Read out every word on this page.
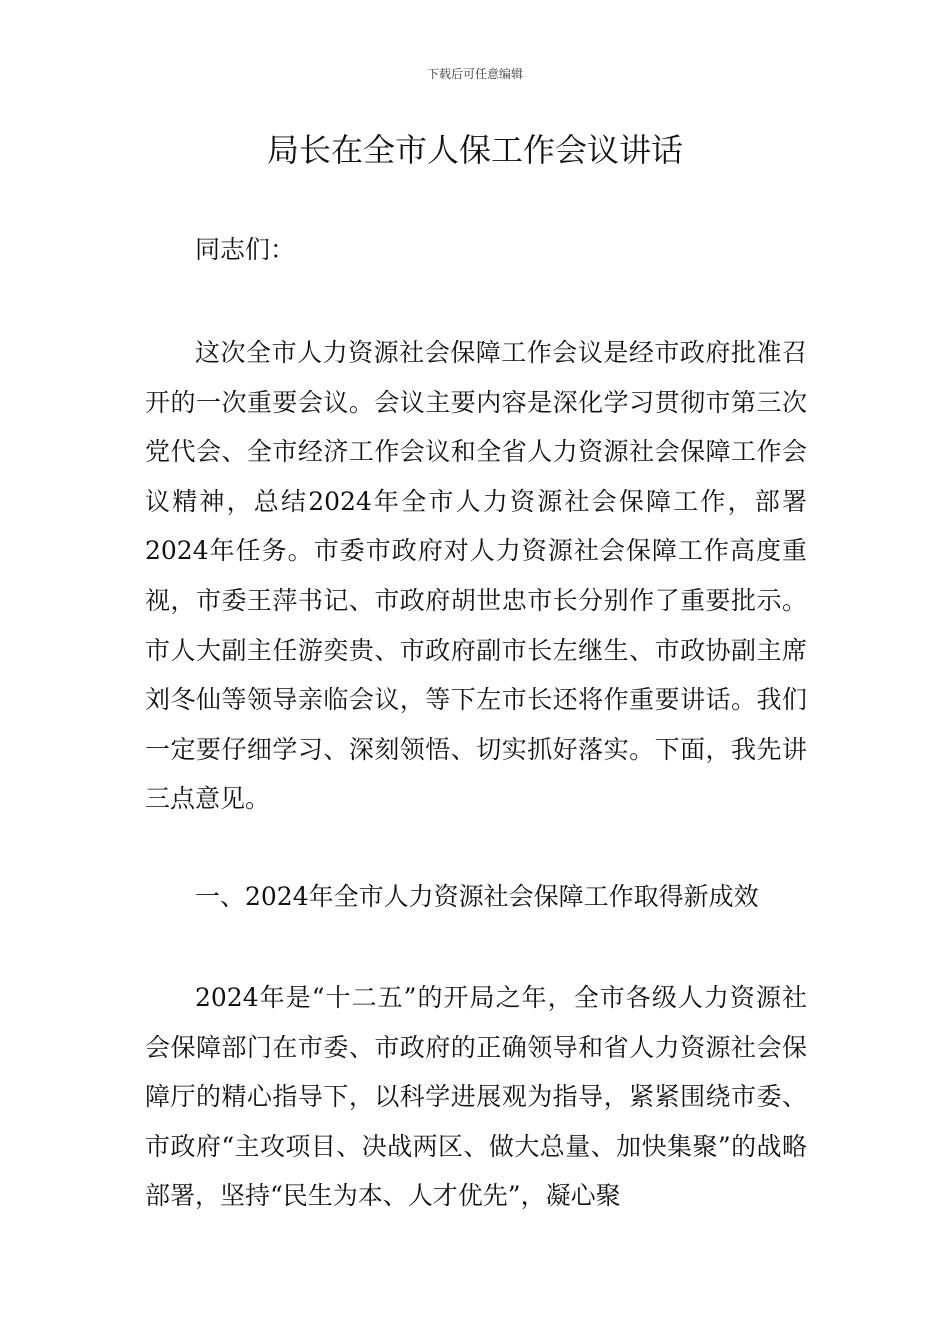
下载后可任意编辑
局长在全市人保工作会议讲话

同志们：

这次全市人力资源社会保障工作会议是经市政府批准召开的一次重要会议。会议主要内容是深化学习贯彻市第三次党代会、全市经济工作会议和全省人力资源社会保障工作会议精神，总结2024年全市人力资源社会保障工作，部署2024年任务。市委市政府对人力资源社会保障工作高度重视，市委王萍书记、市政府胡世忠市长分别作了重要批示。市人大副主任游奕贵、市政府副市长左继生、市政协副主席刘冬仙等领导亲临会议，等下左市长还将作重要讲话。我们一定要仔细学习、深刻领悟、切实抓好落实。下面，我先讲三点意见。

一、2024年全市人力资源社会保障工作取得新成效

2024年是“十二五”的开局之年，全市各级人力资源社会保障部门在市委、市政府的正确领导和省人力资源社会保障厅的精心指导下，以科学进展观为指导，紧紧围绕市委、市政府“主攻项目、决战两区、做大总量、加快集聚”的战略部署，坚持“民生为本、人才优先”，凝心聚
